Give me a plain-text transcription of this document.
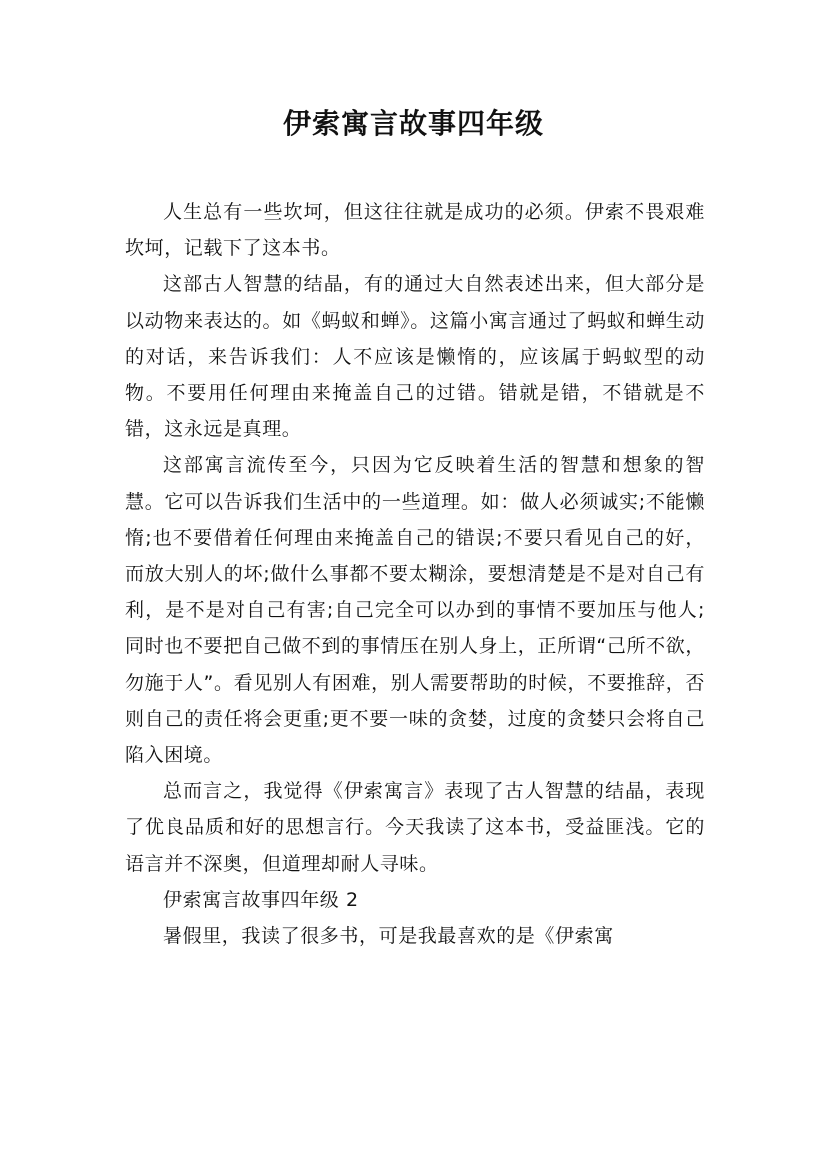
伊索寓言故事四年级

人生总有一些坎坷，但这往往就是成功的必须。伊索不畏艰难坎坷，记载下了这本书。

这部古人智慧的结晶，有的通过大自然表述出来，但大部分是以动物来表达的。如《蚂蚁和蝉》。这篇小寓言通过了蚂蚁和蝉生动的对话，来告诉我们：人不应该是懒惰的，应该属于蚂蚁型的动物。不要用任何理由来掩盖自己的过错。错就是错，不错就是不错，这永远是真理。

这部寓言流传至今，只因为它反映着生活的智慧和想象的智慧。它可以告诉我们生活中的一些道理。如：做人必须诚实;不能懒惰;也不要借着任何理由来掩盖自己的错误;不要只看见自己的好，而放大别人的坏;做什么事都不要太糊涂，要想清楚是不是对自己有利，是不是对自己有害;自己完全可以办到的事情不要加压与他人;同时也不要把自己做不到的事情压在别人身上，正所谓“己所不欲，勿施于人”。看见别人有困难，别人需要帮助的时候，不要推辞，否则自己的责任将会更重;更不要一味的贪婪，过度的贪婪只会将自己陷入困境。

总而言之，我觉得《伊索寓言》表现了古人智慧的结晶，表现了优良品质和好的思想言行。今天我读了这本书，受益匪浅。它的语言并不深奥，但道理却耐人寻味。

伊索寓言故事四年级 2

暑假里，我读了很多书，可是我最喜欢的是《伊索寓
